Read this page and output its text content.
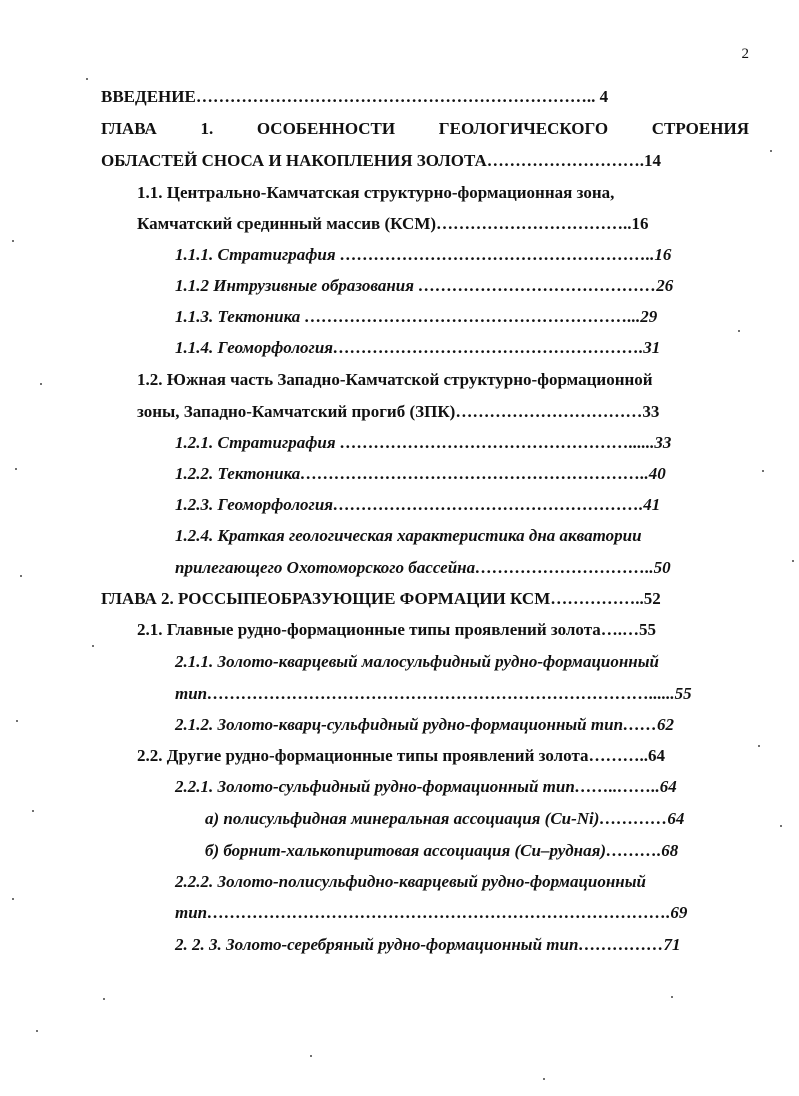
2
ВВЕДЕНИЕ…………………………………………………………….. 4
ГЛАВА	1.	ОСОБЕННОСТИ	ГЕОЛОГИЧЕСКОГО	СТРОЕНИЯ
ОБЛАСТЕЙ СНОСА И НАКОПЛЕНИЯ ЗОЛОТА……………………….14
1.1. Центрально-Камчатская структурно-формационная зона,
Камчатский срединный массив (КСМ)……………………………..16
1.1.1. Стратиграфия ………………………………………………..16
1.1.2 Интрузивные образования ……………………………………26
1.1.3. Тектоника …………………………………………………...29
1.1.4. Геоморфология……………………………………………….31
1.2. Южная часть Западно-Камчатской структурно-формационной
зоны, Западно-Камчатский прогиб (ЗПК)……………………………33
1.2.1. Стратиграфия ……………………………………………......33
1.2.2. Тектоника……………………………………………………..40
1.2.3. Геоморфология……………………………………………….41
1.2.4. Краткая геологическая характеристика дна акватории
прилегающего Охотоморского бассейна…………………………..50
ГЛАВА 2. РОССЫПЕОБРАЗУЮЩИЕ ФОРМАЦИИ КСМ……………..52
2.1. Главные рудно-формационные типы проявлений золота….…55
2.1.1. Золото-кварцевый малосульфидный рудно-формационный
тип……………………………………………………………………......55
2.1.2. Золото-кварц-сульфидный рудно-формационный тип……62
2.2. Другие рудно-формационные типы проявлений золота………..64
2.2.1. Золото-сульфидный рудно-формационный тип……..……..64
а) полисульфидная минеральная ассоциация (Cu-Ni)…………64
б) борнит-халькопиритовая ассоциация (Cu–рудная)……….68
2.2.2. Золото-полисульфидно-кварцевый рудно-формационный
тип……………………………………………………………………….69
2. 2. 3. Золото-серебряный рудно-формационный тип……………71
